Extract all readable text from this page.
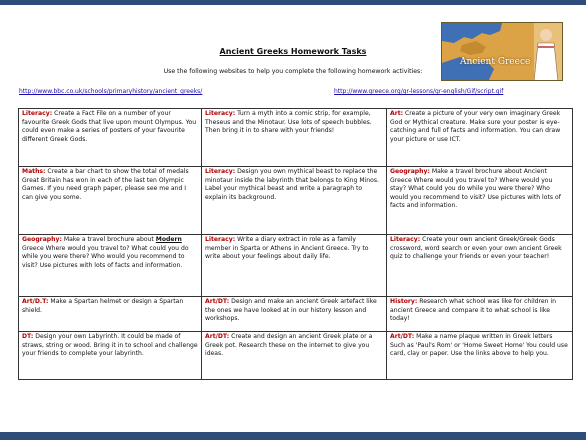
Ancient Greece
Ancient Greeks Homework Tasks
Use the following websites to help you complete the following homework activities:
http://www.bbc.co.uk/schools/primaryhistory/ancient_greeks/	http://www.greece.org/gr-lessons/gr-english/Gif/script.gif
Literacy: Create a Fact File on a number of your favourite Greek Gods that live upon mount Olympus. You could even make a series of posters of your favourite different Greek Gods.	Literacy: Turn a myth into a comic strip, for example, Theseus and the Minotaur. Use lots of speech bubbles. Then bring it in to share with your friends!	Art: Create a picture of your very own imaginary Greek God or Mythical creature. Make sure your poster is eye-catching and full of facts and information. You can draw your picture or use ICT.
Maths: Create a bar chart to show the total of medals Great Britain has won in each of the last ten Olympic Games. If you need graph paper, please see me and I can give you some.	Literacy: Design you own mythical beast to replace the minotaur inside the labyrinth that belongs to King Minos. Label your mythical beast and write a paragraph to explain its background.	Geography: Make a travel brochure about Ancient Greece Where would you travel to? Where would you stay? What could you do while you were there? Who would you recommend to visit? Use pictures with lots of facts and information.
Geography: Make a travel brochure about Modern Greece Where would you travel to? What could you do while you were there? Who would you recommend to visit? Use pictures with lots of facts and information.	Literacy: Write a diary extract in role as a family member in Sparta or Athens in Ancient Greece. Try to write about your feelings about daily life.	Literacy: Create your own ancient Greek/Greek Gods crossword, word search or even your own ancient Greek quiz to challenge your friends or even your teacher!
Art/D.T: Make a Spartan helmet or design a Spartan shield.	Art/DT: Design and make an ancient Greek artefact like the ones we have looked at in our history lesson and workshops.	History: Research what school was like for children in ancient Greece and compare it to what school is like today!
DT: Design your own Labyrinth. It could be made of straws, string or wood. Bring it in to school and challenge your friends to complete your labyrinth.	Art/DT: Create and design an ancient Greek plate or a Greek pot. Research these on the internet to give you ideas.	Art/DT: Make a name plaque written in Greek letters Such as 'Paul's Rom' or 'Home Sweet Home' You could use card, clay or paper. Use the links above to help you.
